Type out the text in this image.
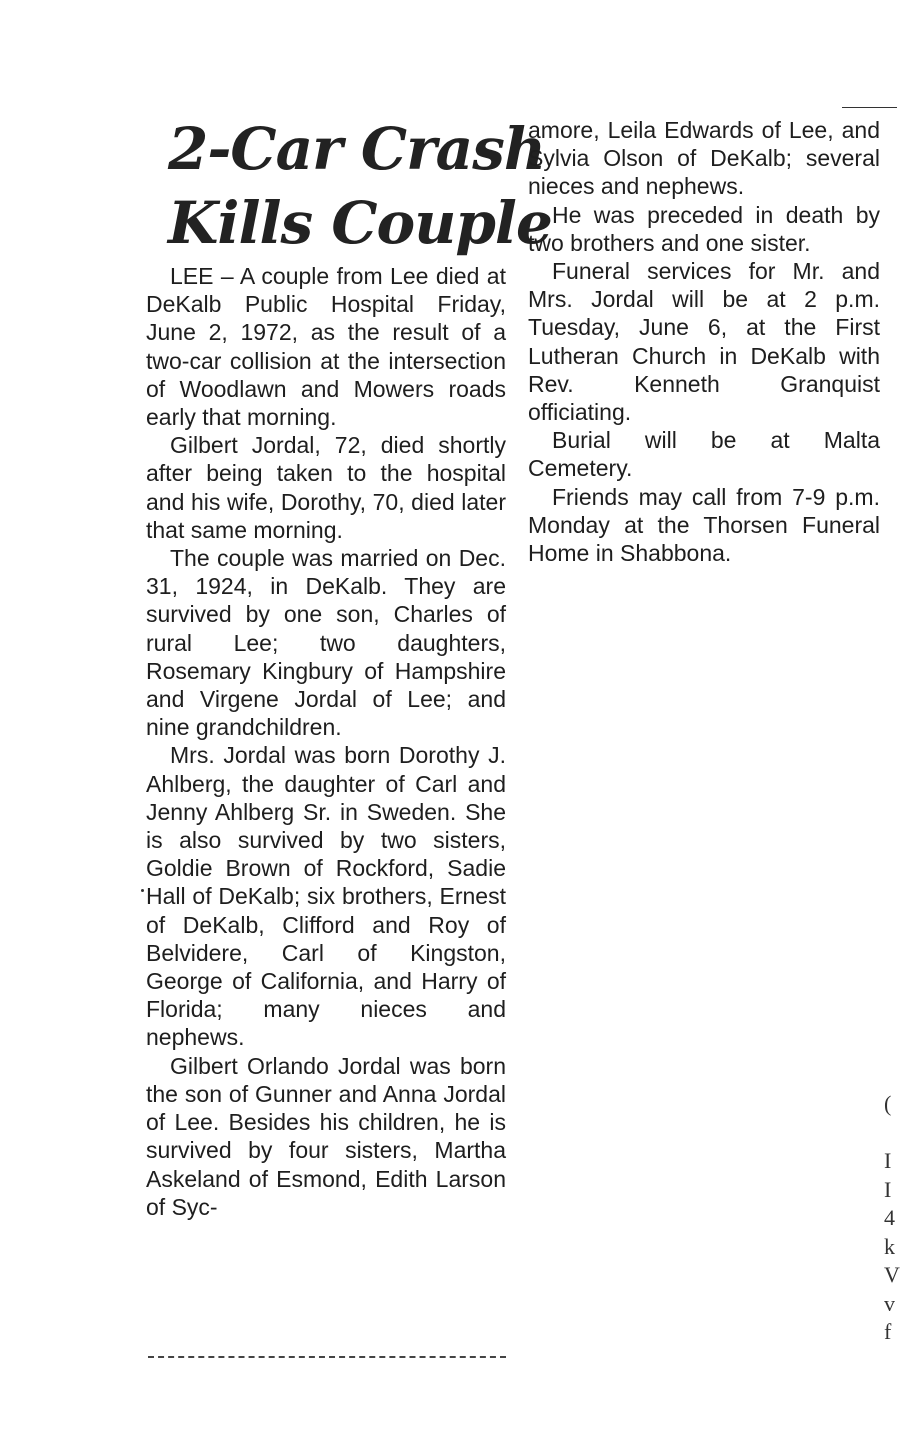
2-Car Crash
Kills Couple

LEE – A couple from Lee died at DeKalb Public Hospital Friday, June 2, 1972, as the result of a two-car collision at the intersection of Woodlawn and Mowers roads early that morning.

Gilbert Jordal, 72, died shortly after being taken to the hospital and his wife, Dorothy, 70, died later that same morning.

The couple was married on Dec. 31, 1924, in DeKalb. They are survived by one son, Charles of rural Lee; two daughters, Rosemary Kingbury of Hampshire and Virgene Jordal of Lee; and nine grandchildren.

Mrs. Jordal was born Dorothy J. Ahlberg, the daughter of Carl and Jenny Ahlberg Sr. in Sweden. She is also survived by two sisters, Goldie Brown of Rockford, Sadie Hall of DeKalb; six brothers, Ernest of DeKalb, Clifford and Roy of Belvidere, Carl of Kingston, George of California, and Harry of Florida; many nieces and nephews.

Gilbert Orlando Jordal was born the son of Gunner and Anna Jordal of Lee. Besides his children, he is survived by four sisters, Martha Askeland of Esmond, Edith Larson of Syc-

amore, Leila Edwards of Lee, and Sylvia Olson of DeKalb; several nieces and nephews.

He was preceded in death by two brothers and one sister.

Funeral services for Mr. and Mrs. Jordal will be at 2 p.m. Tuesday, June 6, at the First Lutheran Church in DeKalb with Rev. Kenneth Granquist officiating.

Burial will be at Malta Cemetery.

Friends may call from 7-9 p.m. Monday at the Thorsen Funeral Home in Shabbona.

(
I
I
4
k
V
v
f
